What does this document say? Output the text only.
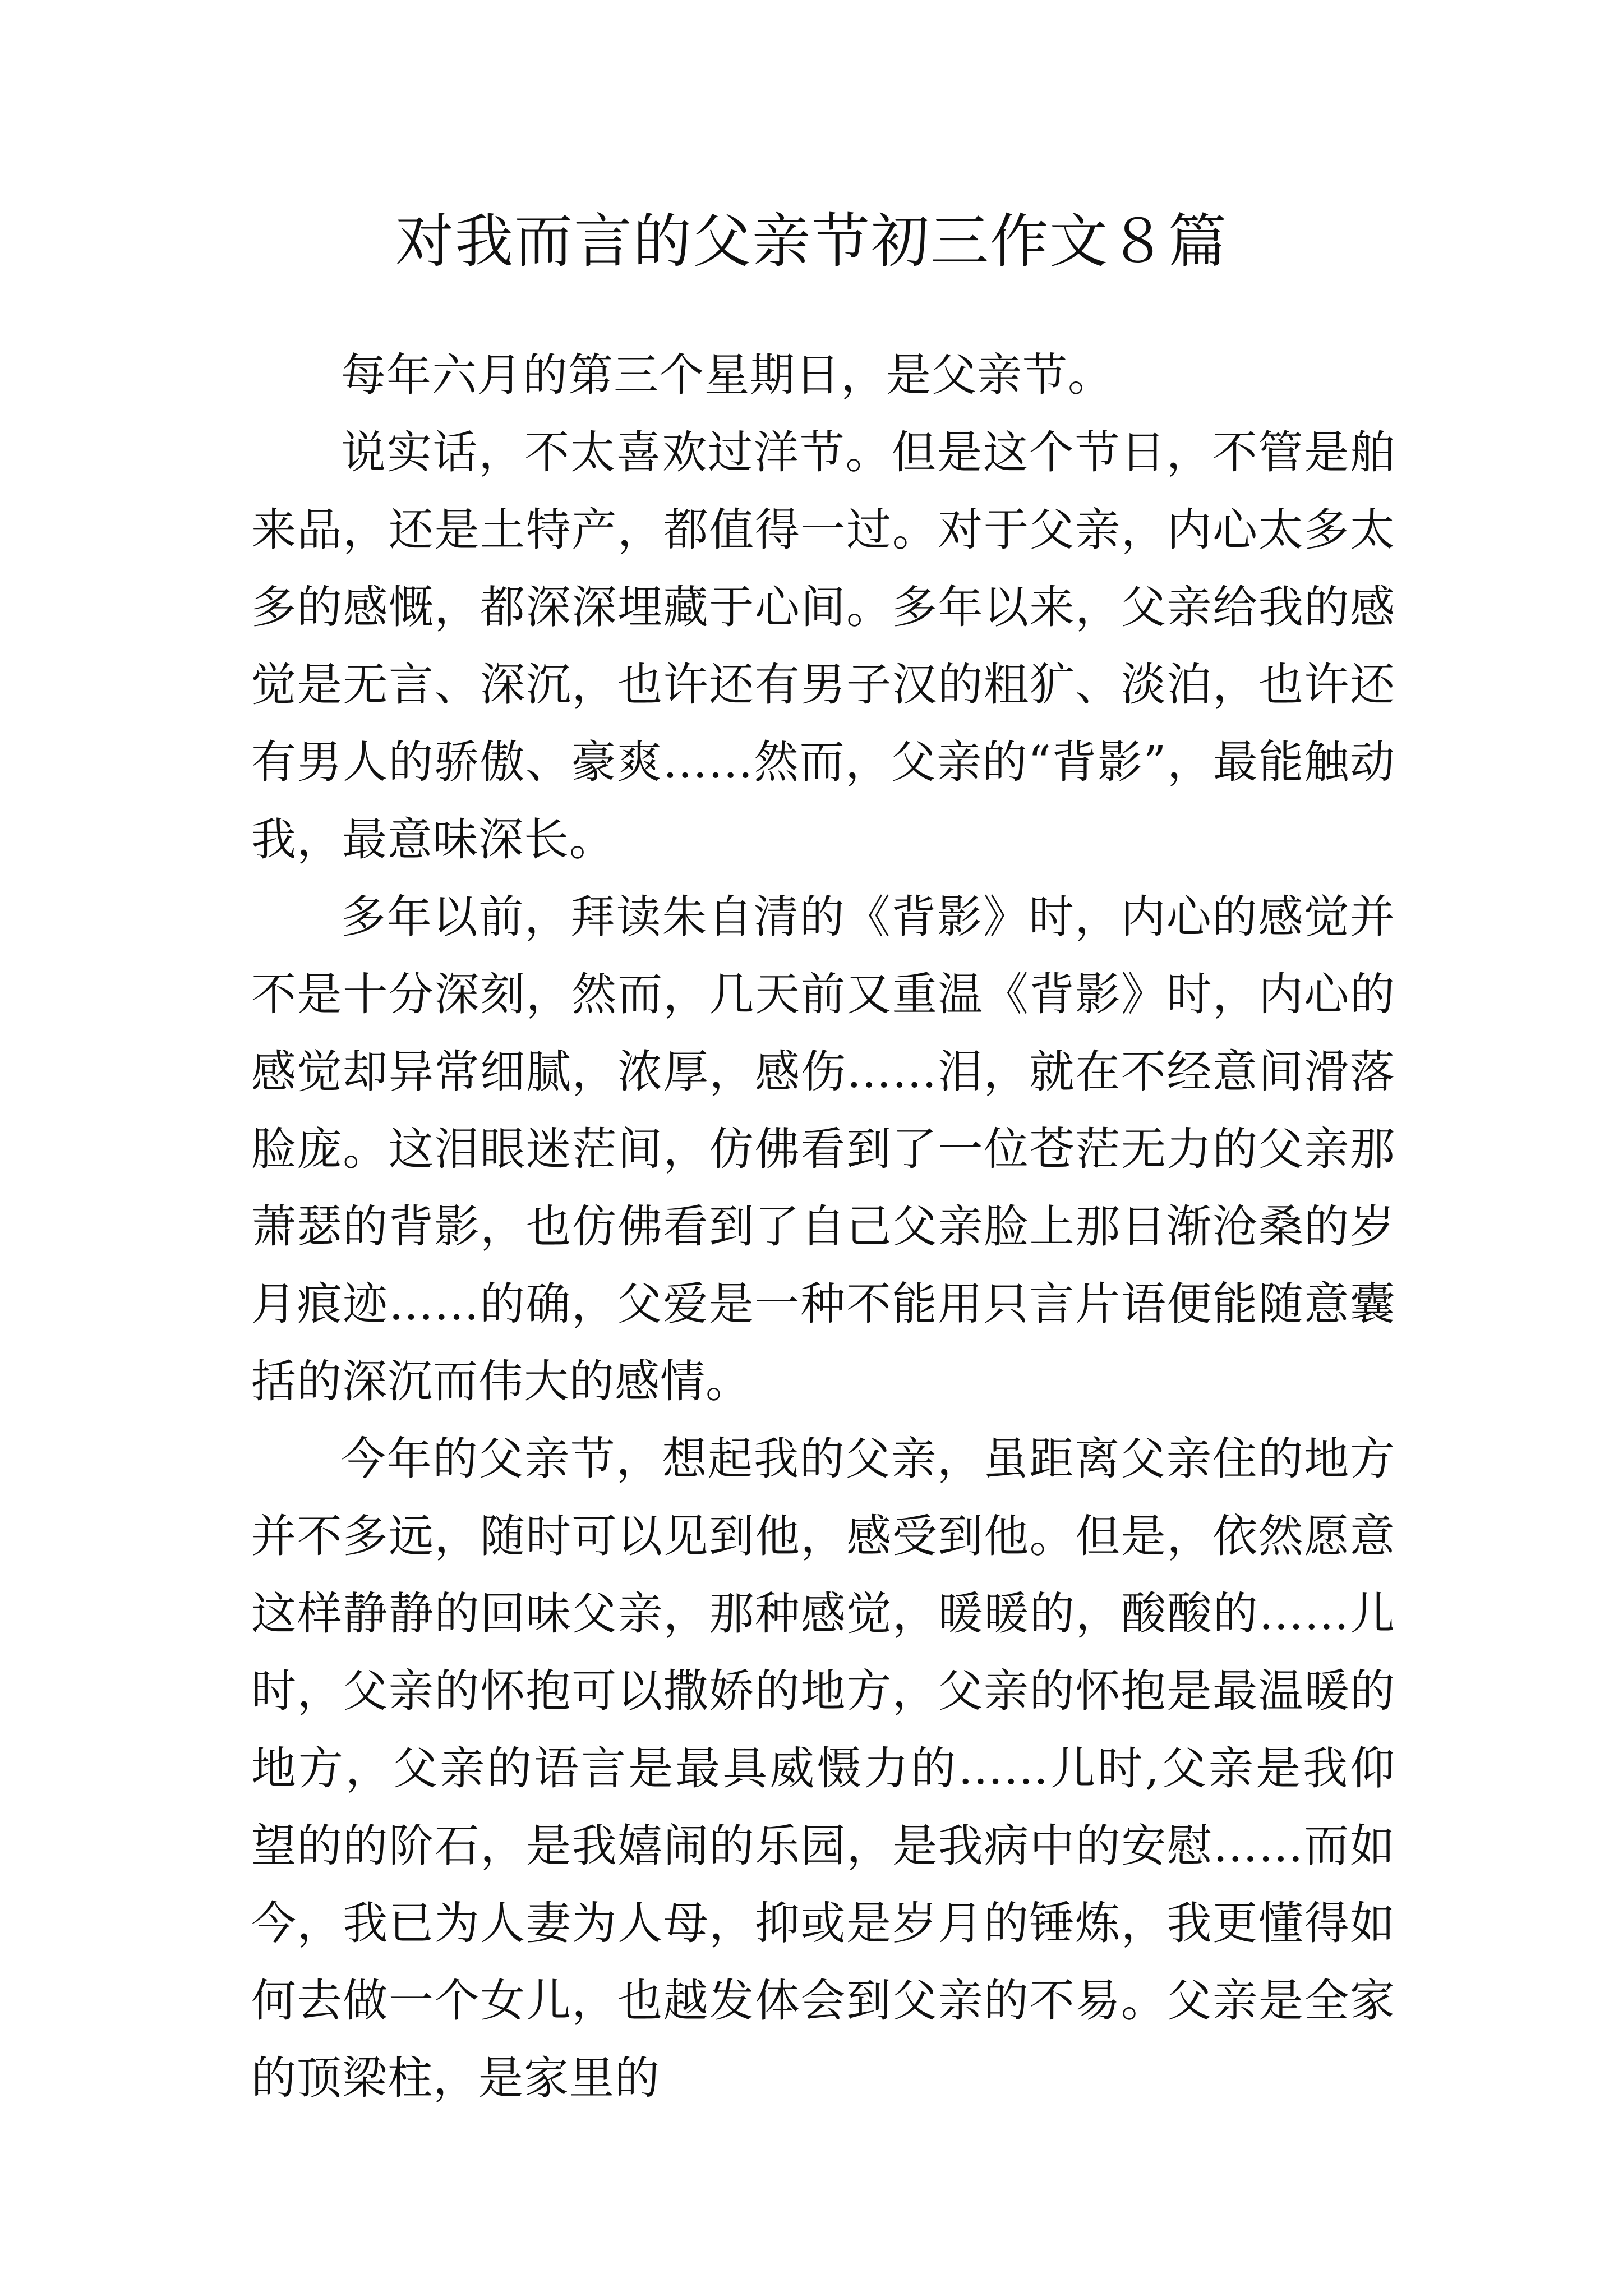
对我而言的父亲节初三作文８篇

每年六月的第三个星期日，是父亲节。

说实话，不太喜欢过洋节。但是这个节日，不管是舶来品，还是土特产，都值得一过。对于父亲，内心太多太多的感慨，都深深埋藏于心间。多年以来，父亲给我的感觉是无言、深沉，也许还有男子汉的粗犷、淡泊，也许还有男人的骄傲、豪爽……然而，父亲的“背影”，最能触动我，最意味深长。

多年以前，拜读朱自清的《背影》时，内心的感觉并不是十分深刻，然而，几天前又重温《背影》时，内心的感觉却异常细腻，浓厚，感伤……泪，就在不经意间滑落脸庞。这泪眼迷茫间，仿佛看到了一位苍茫无力的父亲那萧瑟的背影，也仿佛看到了自己父亲脸上那日渐沧桑的岁月痕迹……的确，父爱是一种不能用只言片语便能随意囊括的深沉而伟大的感情。

今年的父亲节，想起我的父亲，虽距离父亲住的地方并不多远，随时可以见到他，感受到他。但是，依然愿意这样静静的回味父亲，那种感觉，暖暖的，酸酸的……儿时，父亲的怀抱可以撒娇的地方，父亲的怀抱是最温暖的地方，父亲的语言是最具威慑力的……儿时,父亲是我仰望的的阶石，是我嬉闹的乐园，是我病中的安慰……而如今，我已为人妻为人母，抑或是岁月的锤炼，我更懂得如何去做一个女儿，也越发体会到父亲的不易。父亲是全家的顶梁柱，是家里的
